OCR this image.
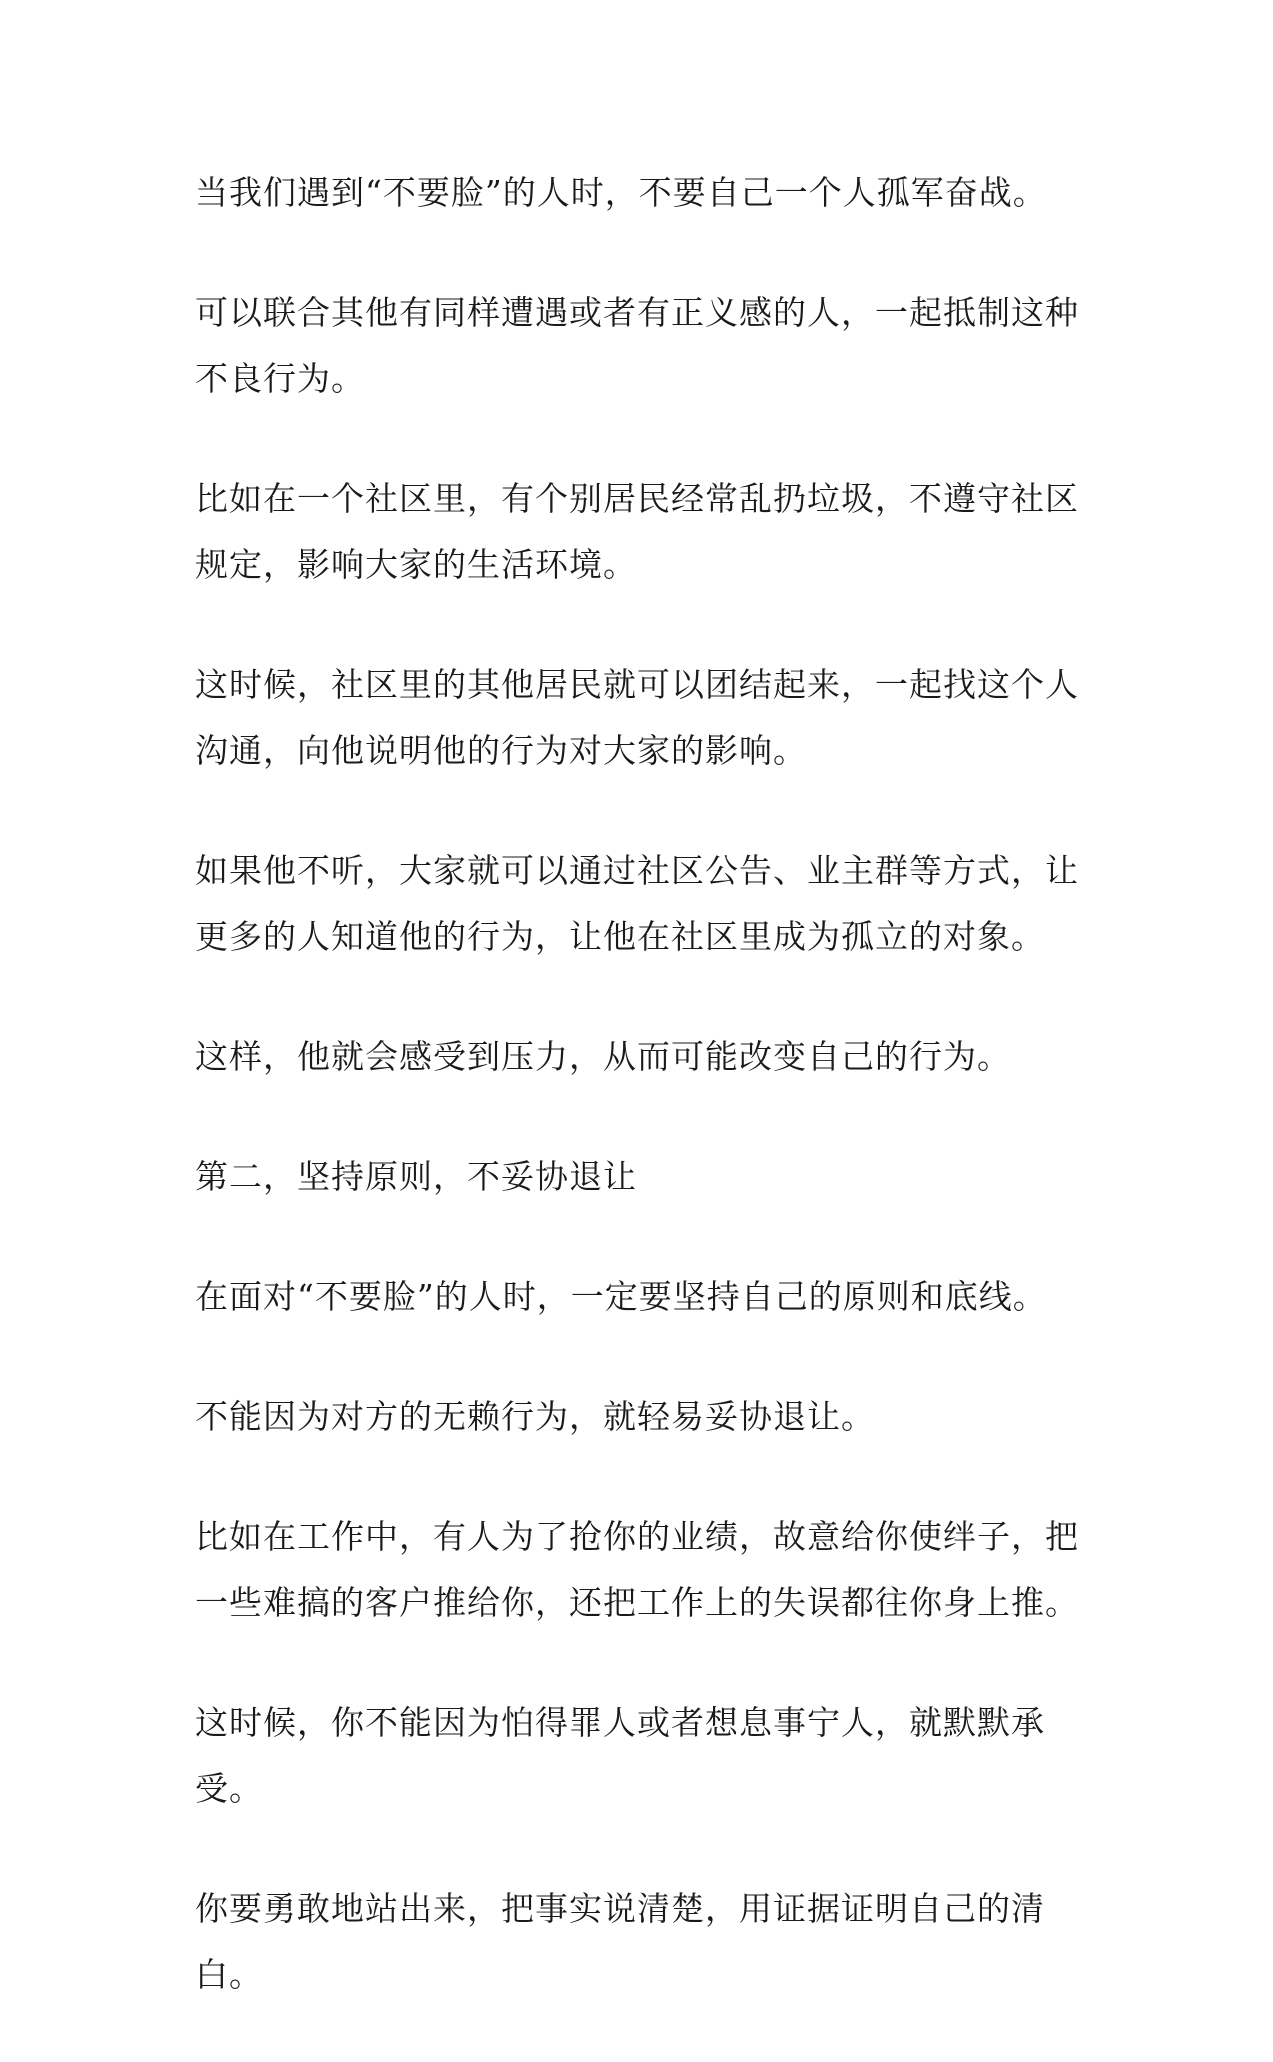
当我们遇到“不要脸”的人时，不要自己一个人孤军奋战。

可以联合其他有同样遭遇或者有正义感的人，一起抵制这种不良行为。

比如在一个社区里，有个别居民经常乱扔垃圾，不遵守社区规定，影响大家的生活环境。

这时候，社区里的其他居民就可以团结起来，一起找这个人沟通，向他说明他的行为对大家的影响。

如果他不听，大家就可以通过社区公告、业主群等方式，让更多的人知道他的行为，让他在社区里成为孤立的对象。

这样，他就会感受到压力，从而可能改变自己的行为。

第二，坚持原则，不妥协退让

在面对“不要脸”的人时，一定要坚持自己的原则和底线。

不能因为对方的无赖行为，就轻易妥协退让。

比如在工作中，有人为了抢你的业绩，故意给你使绊子，把一些难搞的客户推给你，还把工作上的失误都往你身上推。

这时候，你不能因为怕得罪人或者想息事宁人，就默默承受。

你要勇敢地站出来，把事实说清楚，用证据证明自己的清白。
